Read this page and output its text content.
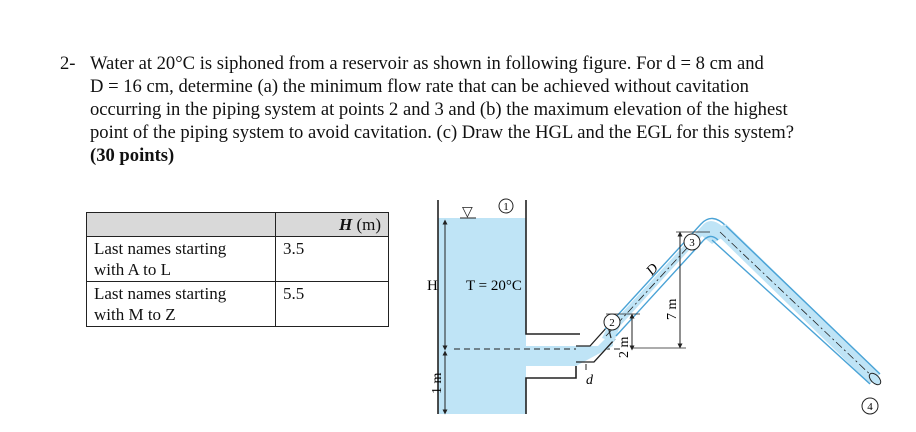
2- Water at 20°C is siphoned from a reservoir as shown in following figure. For d = 8 cm and
D = 16 cm, determine (a) the minimum flow rate that can be achieved without cavitation
occurring in the piping system at points 2 and 3 and (b) the maximum elevation of the highest
point of the piping system to avoid cavitation. (c) Draw the HGL and the EGL for this system?
(30 points)
	H (m)
Last names starting
with A to L	3.5
Last names starting
with M to Z	5.5
▽	1
H T = 20°C
1 m	d
D
2
3
4
2 m
7 m
